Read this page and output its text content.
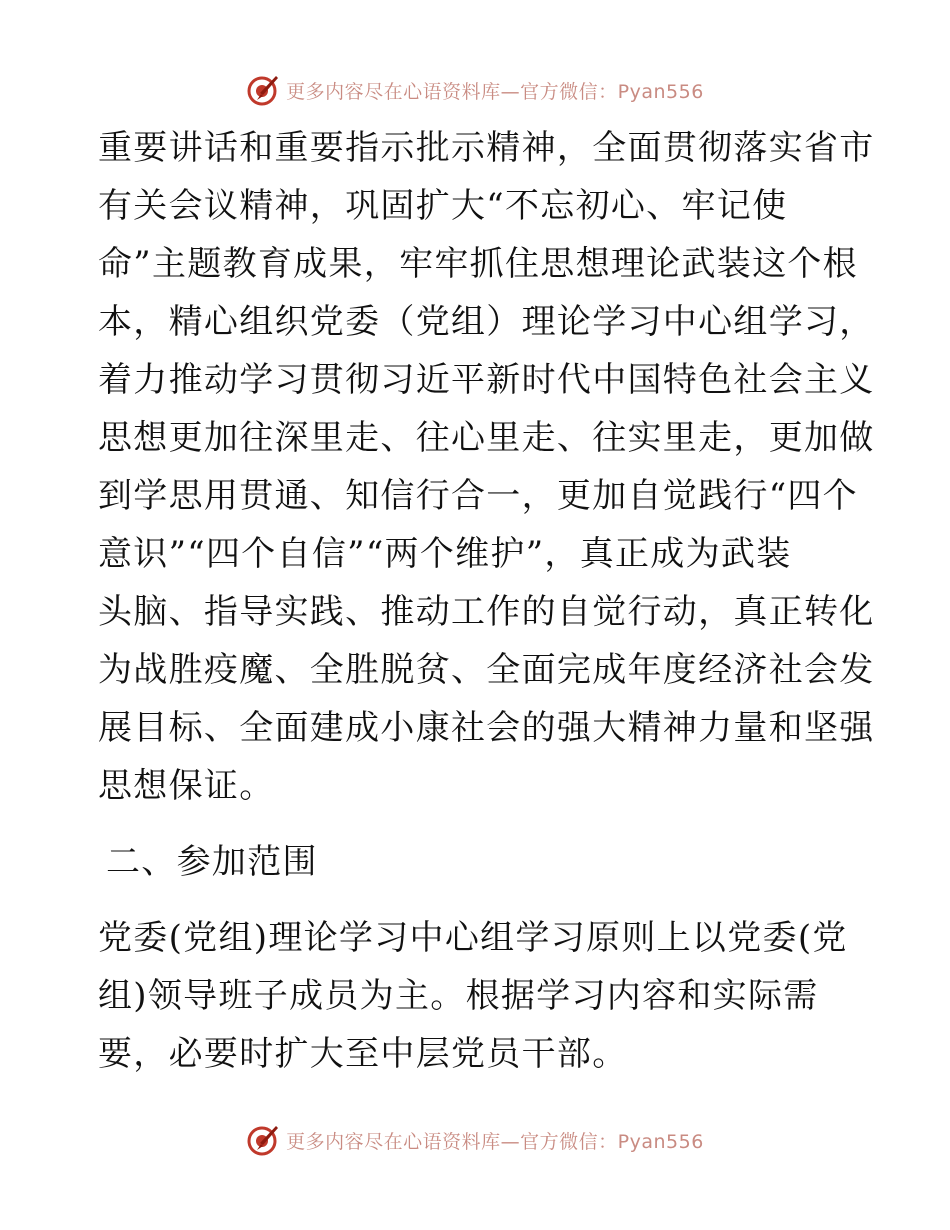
更多内容尽在心语资料库—官方微信：Pyan556
重要讲话和重要指示批示精神，全面贯彻落实省市
有关会议精神，巩固扩大“不忘初心、牢记使
命”主题教育成果，牢牢抓住思想理论武装这个根
本，精心组织党委（党组）理论学习中心组学习，
着力推动学习贯彻习近平新时代中国特色社会主义
思想更加往深里走、往心里走、往实里走，更加做
到学思用贯通、知信行合一，更加自觉践行“四个
意识”“四个自信”“两个维护”，真正成为武装
头脑、指导实践、推动工作的自觉行动，真正转化
为战胜疫魔、全胜脱贫、全面完成年度经济社会发
展目标、全面建成小康社会的强大精神力量和坚强
思想保证。
二、参加范围
党委(党组)理论学习中心组学习原则上以党委(党
组)领导班子成员为主。根据学习内容和实际需
要，必要时扩大至中层党员干部。
更多内容尽在心语资料库—官方微信：Pyan556
